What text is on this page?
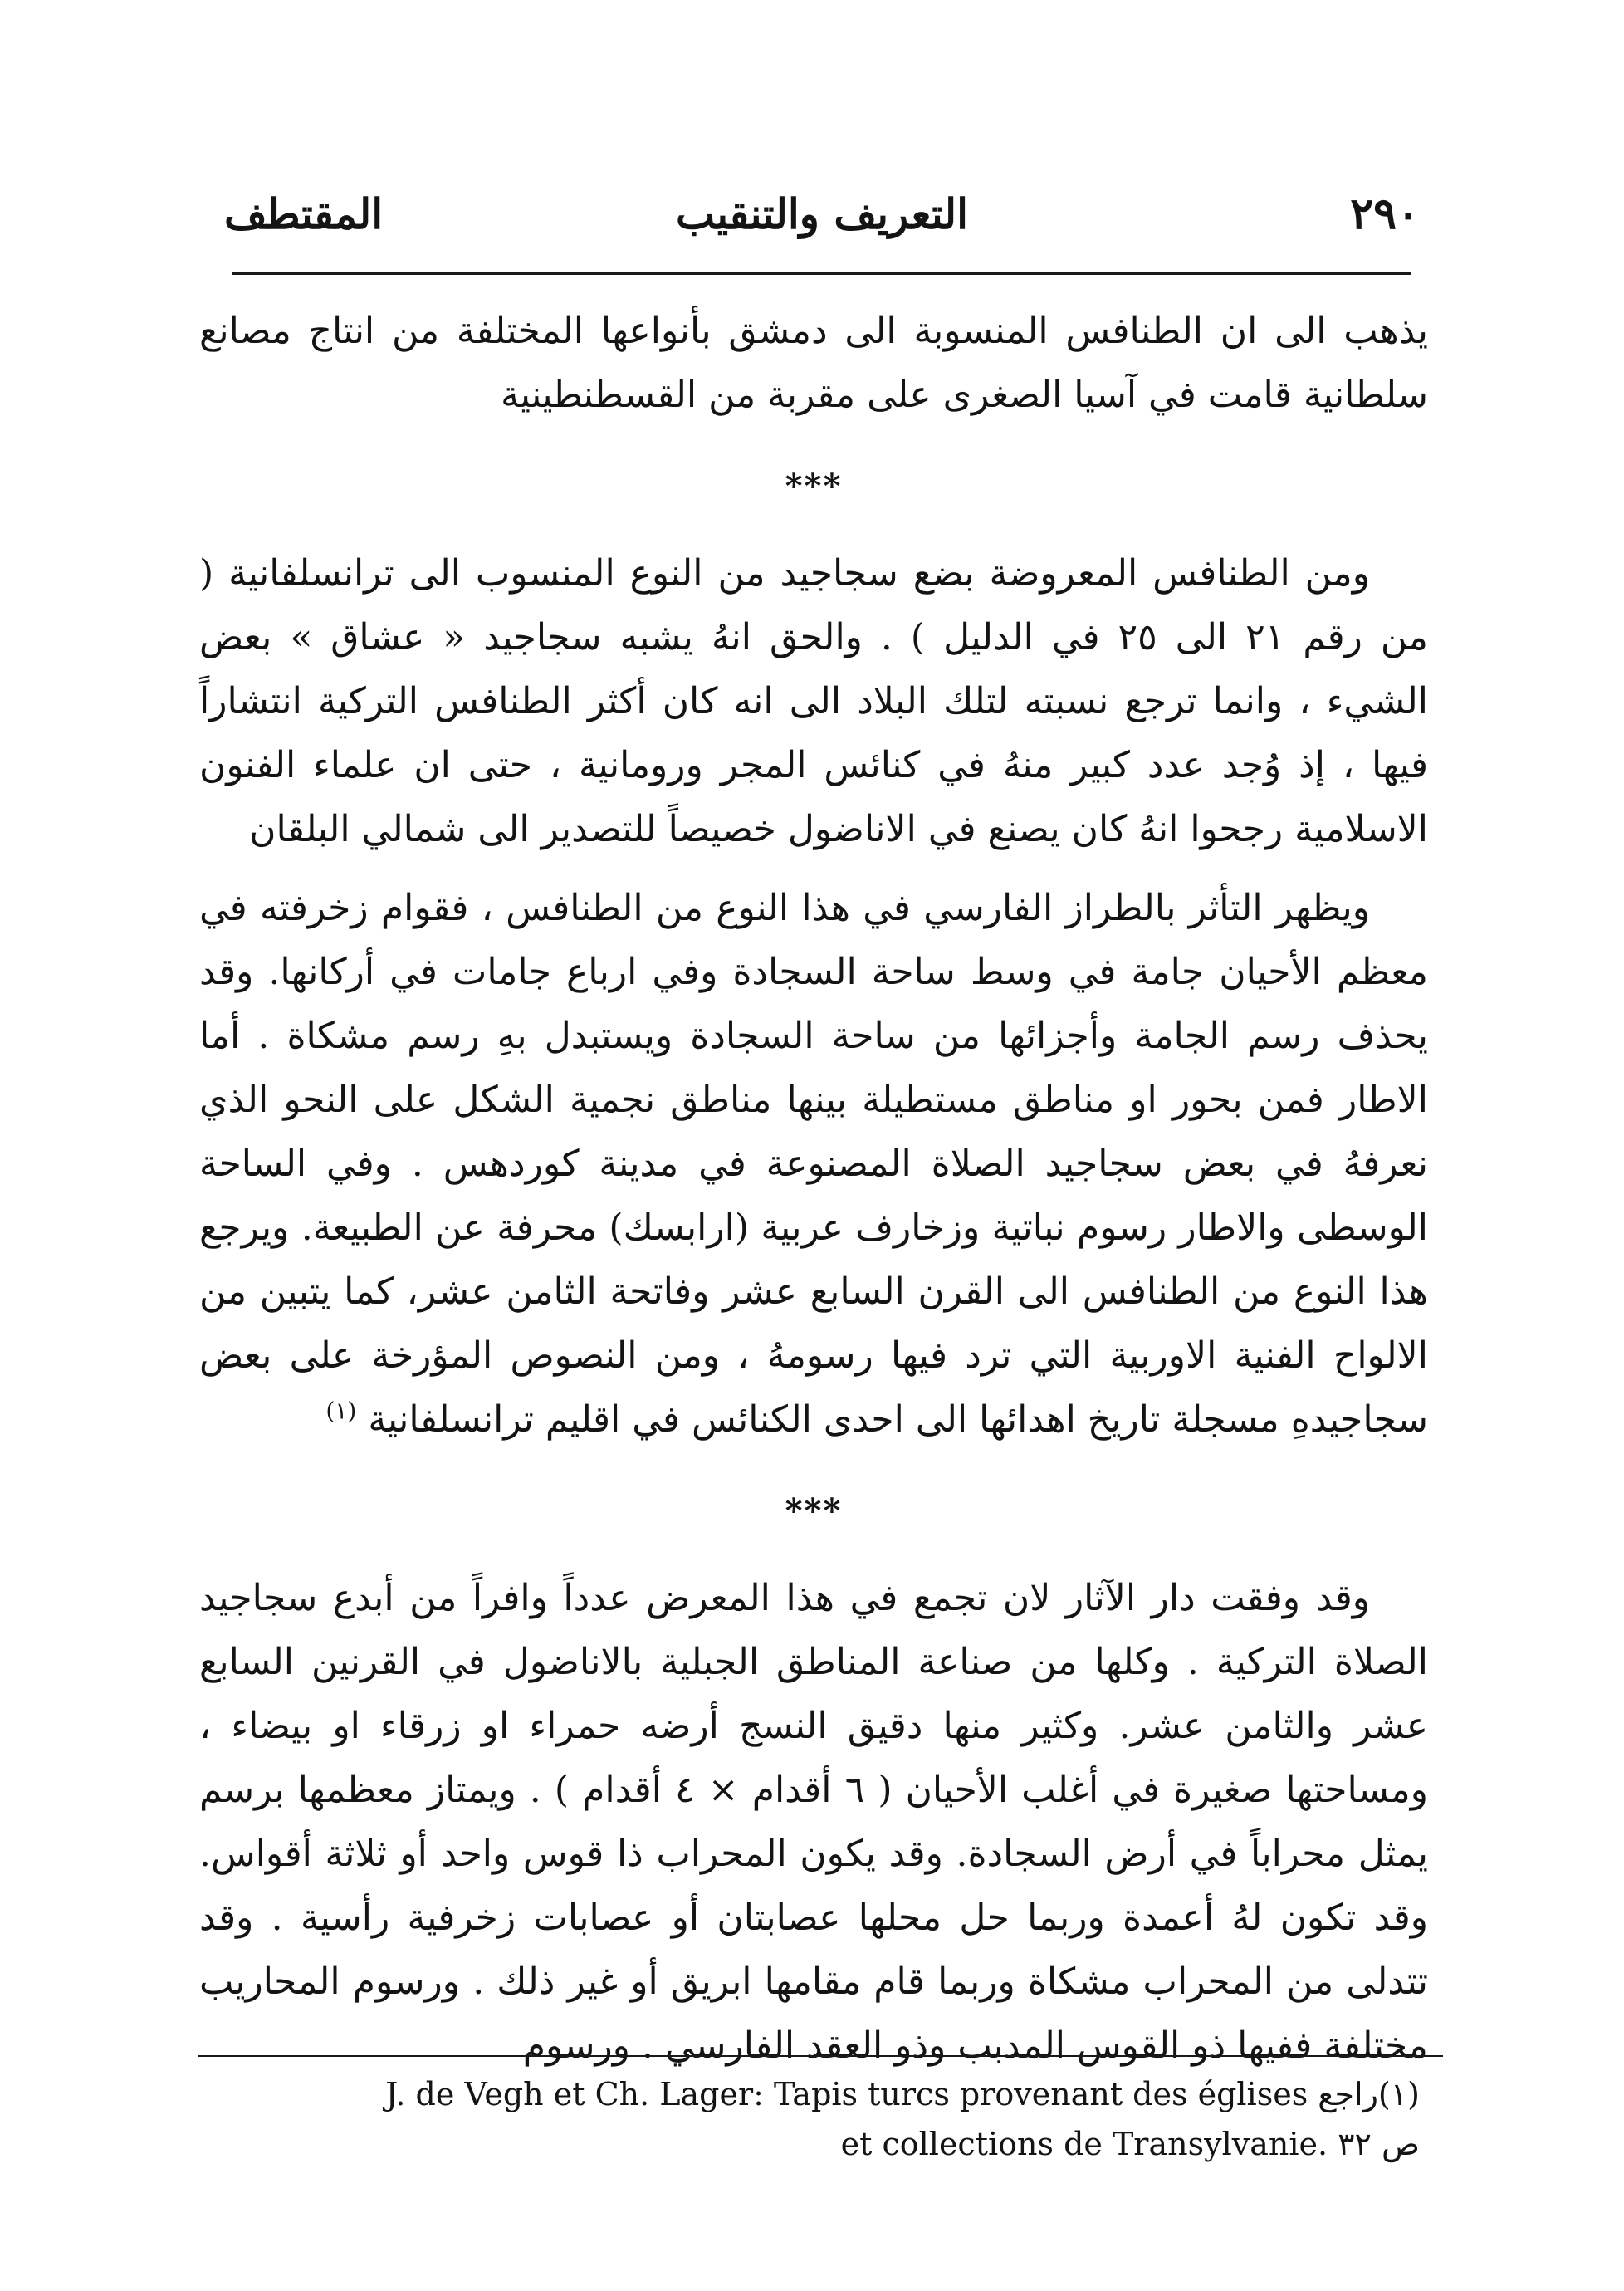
٢٩٠
التعريف والتنقيب
المقتطف

يذهب الى ان الطنافس المنسوبة الى دمشق بأنواعها المختلفة من انتاج مصانع سلطانية قامت في آسيا الصغرى على مقربة من القسطنطينية

***

ومن الطنافس المعروضة بضع سجاجيد من النوع المنسوب الى ترانسلفانية ( من رقم ٢١ الى ٢٥ في الدليل ) . والحق انهُ يشبه سجاجيد « عشاق » بعض الشيء ، وانما ترجع نسبته لتلك البلاد الى انه كان أكثر الطنافس التركية انتشاراً فيها ، إذ وُجد عدد كبير منهُ في كنائس المجر ورومانية ، حتى ان علماء الفنون الاسلامية رجحوا انهُ كان يصنع في الاناضول خصيصاً للتصدير الى شمالي البلقان

ويظهر التأثر بالطراز الفارسي في هذا النوع من الطنافس ، فقوام زخرفته في معظم الأحيان جامة في وسط ساحة السجادة وفي ارباع جامات في أركانها. وقد يحذف رسم الجامة وأجزائها من ساحة السجادة ويستبدل بهِ رسم مشكاة . أما الاطار فمن بحور او مناطق مستطيلة بينها مناطق نجمية الشكل على النحو الذي نعرفهُ في بعض سجاجيد الصلاة المصنوعة في مدينة كوردهس . وفي الساحة الوسطى والاطار رسوم نباتية وزخارف عربية (ارابسك) محرفة عن الطبيعة. ويرجع هذا النوع من الطنافس الى القرن السابع عشر وفاتحة الثامن عشر، كما يتبين من الالواح الفنية الاوربية التي ترد فيها رسومهُ ، ومن النصوص المؤرخة على بعض سجاجيدهِ مسجلة تاريخ اهدائها الى احدى الكنائس في اقليم ترانسلفانية $^{(١)}$

***

وقد وفقت دار الآثار لان تجمع في هذا المعرض عدداً وافراً من أبدع سجاجيد الصلاة التركية . وكلها من صناعة المناطق الجبلية بالاناضول في القرنين السابع عشر والثامن عشر. وكثير منها دقيق النسج أرضه حمراء او زرقاء او بيضاء ، ومساحتها صغيرة في أغلب الأحيان ( ٦ أقدام × ٤ أقدام ) . ويمتاز معظمها برسم يمثل محراباً في أرض السجادة. وقد يكون المحراب ذا قوس واحد أو ثلاثة أقواس. وقد تكون لهُ أعمدة وربما حل محلها عصابتان أو عصابات زخرفية رأسية . وقد تتدلى من المحراب مشكاة وربما قام مقامها ابريق أو غير ذلك . ورسوم المحاريب مختلفة ففيها ذو القوس المدبب وذو العقد الفارسي . ورسوم

J. de Vegh et Ch. Lager: Tapis turcs provenant des églises راجع(١)
et collections de Transylvanie. ص ٣٢
